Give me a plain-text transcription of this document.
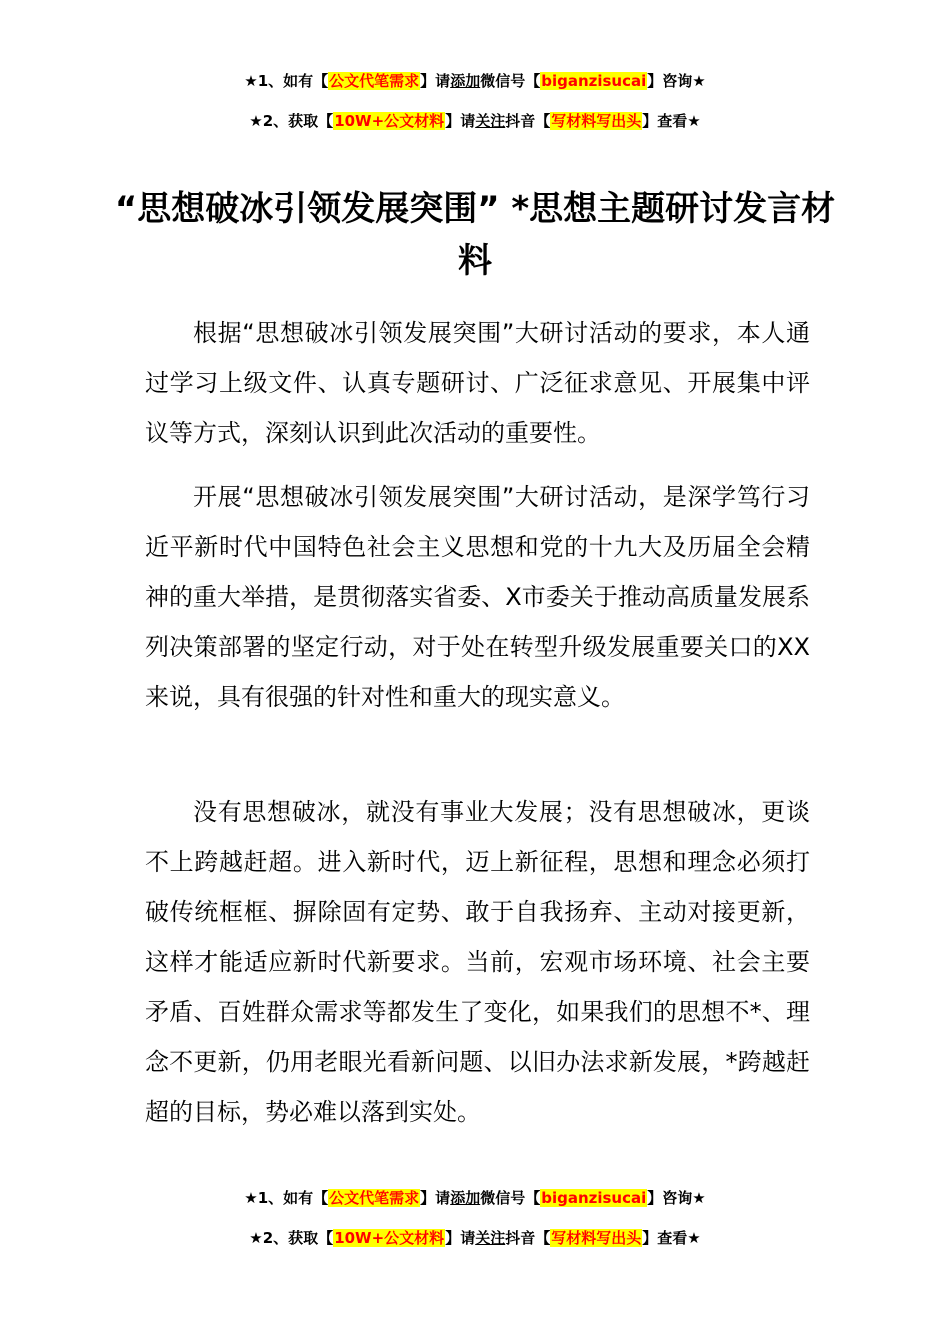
★1、如有【公文代笔需求】请添加微信号【biganzisucai】咨询★
★2、获取【10W+公文材料】请关注抖音【写材料写出头】查看★
“思想破冰引领发展突围” *思想主题研讨发言材料

根据“思想破冰引领发展突围”大研讨活动的要求，本人通过学习上级文件、认真专题研讨、广泛征求意见、开展集中评议等方式，深刻认识到此次活动的重要性。

开展“思想破冰引领发展突围”大研讨活动，是深学笃行习近平新时代中国特色社会主义思想和党的十九大及历届全会精神的重大举措，是贯彻落实省委、X市委关于推动高质量发展系列决策部署的坚定行动，对于处在转型升级发展重要关口的XX来说，具有很强的针对性和重大的现实意义。

没有思想破冰，就没有事业大发展；没有思想破冰，更谈不上跨越赶超。进入新时代，迈上新征程，思想和理念必须打破传统框框、摒除固有定势、敢于自我扬弃、主动对接更新，这样才能适应新时代新要求。当前，宏观市场环境、社会主要矛盾、百姓群众需求等都发生了变化，如果我们的思想不*、理念不更新，仍用老眼光看新问题、以旧办法求新发展，*跨越赶超的目标，势必难以落到实处。

★1、如有【公文代笔需求】请添加微信号【biganzisucai】咨询★
★2、获取【10W+公文材料】请关注抖音【写材料写出头】查看★
